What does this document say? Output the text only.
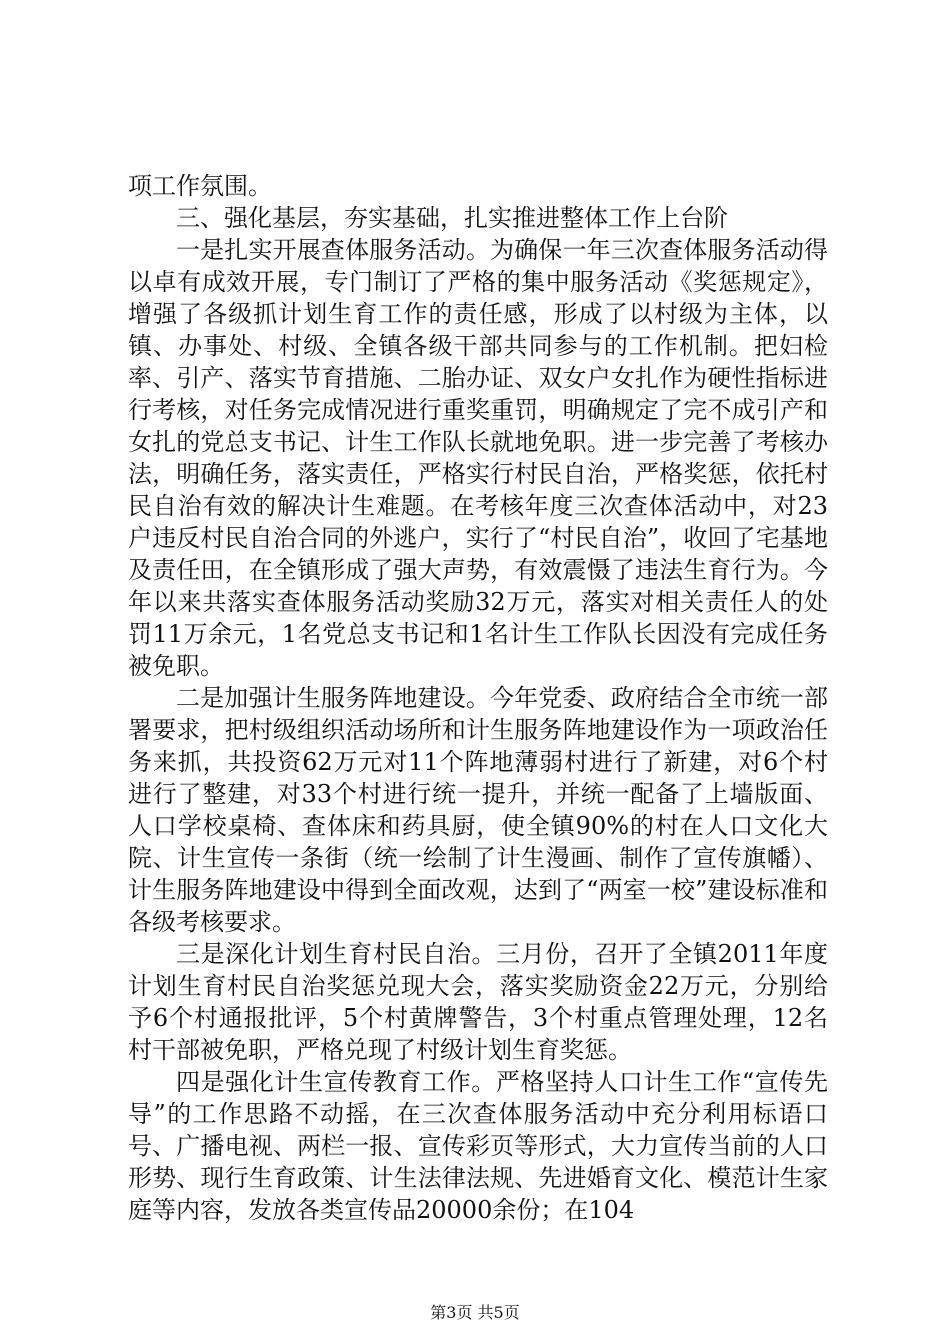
项工作氛围。

三、强化基层，夯实基础，扎实推进整体工作上台阶

一是扎实开展查体服务活动。为确保一年三次查体服务活动得以卓有成效开展，专门制订了严格的集中服务活动《奖惩规定》，增强了各级抓计划生育工作的责任感，形成了以村级为主体，以镇、办事处、村级、全镇各级干部共同参与的工作机制。把妇检率、引产、落实节育措施、二胎办证、双女户女扎作为硬性指标进行考核，对任务完成情况进行重奖重罚，明确规定了完不成引产和女扎的党总支书记、计生工作队长就地免职。进一步完善了考核办法，明确任务，落实责任，严格实行村民自治，严格奖惩，依托村民自治有效的解决计生难题。在考核年度三次查体活动中，对23户违反村民自治合同的外逃户，实行了“村民自治”，收回了宅基地及责任田，在全镇形成了强大声势，有效震慑了违法生育行为。今年以来共落实查体服务活动奖励32万元，落实对相关责任人的处罚11万余元，1名党总支书记和1名计生工作队长因没有完成任务被免职。

二是加强计生服务阵地建设。今年党委、政府结合全市统一部署要求，把村级组织活动场所和计生服务阵地建设作为一项政治任务来抓，共投资62万元对11个阵地薄弱村进行了新建，对6个村进行了整建，对33个村进行统一提升，并统一配备了上墙版面、人口学校桌椅、查体床和药具厨，使全镇90%的村在人口文化大院、计生宣传一条街（统一绘制了计生漫画、制作了宣传旗幡）、计生服务阵地建设中得到全面改观，达到了“两室一校”建设标准和各级考核要求。

三是深化计划生育村民自治。三月份，召开了全镇2011年度计划生育村民自治奖惩兑现大会，落实奖励资金22万元，分别给予6个村通报批评，5个村黄牌警告，3个村重点管理处理，12名村干部被免职，严格兑现了村级计划生育奖惩。

四是强化计生宣传教育工作。严格坚持人口计生工作“宣传先导”的工作思路不动摇，在三次查体服务活动中充分利用标语口号、广播电视、两栏一报、宣传彩页等形式，大力宣传当前的人口形势、现行生育政策、计生法律法规、先进婚育文化、模范计生家庭等内容，发放各类宣传品20000余份；在104

第3页 共5页
